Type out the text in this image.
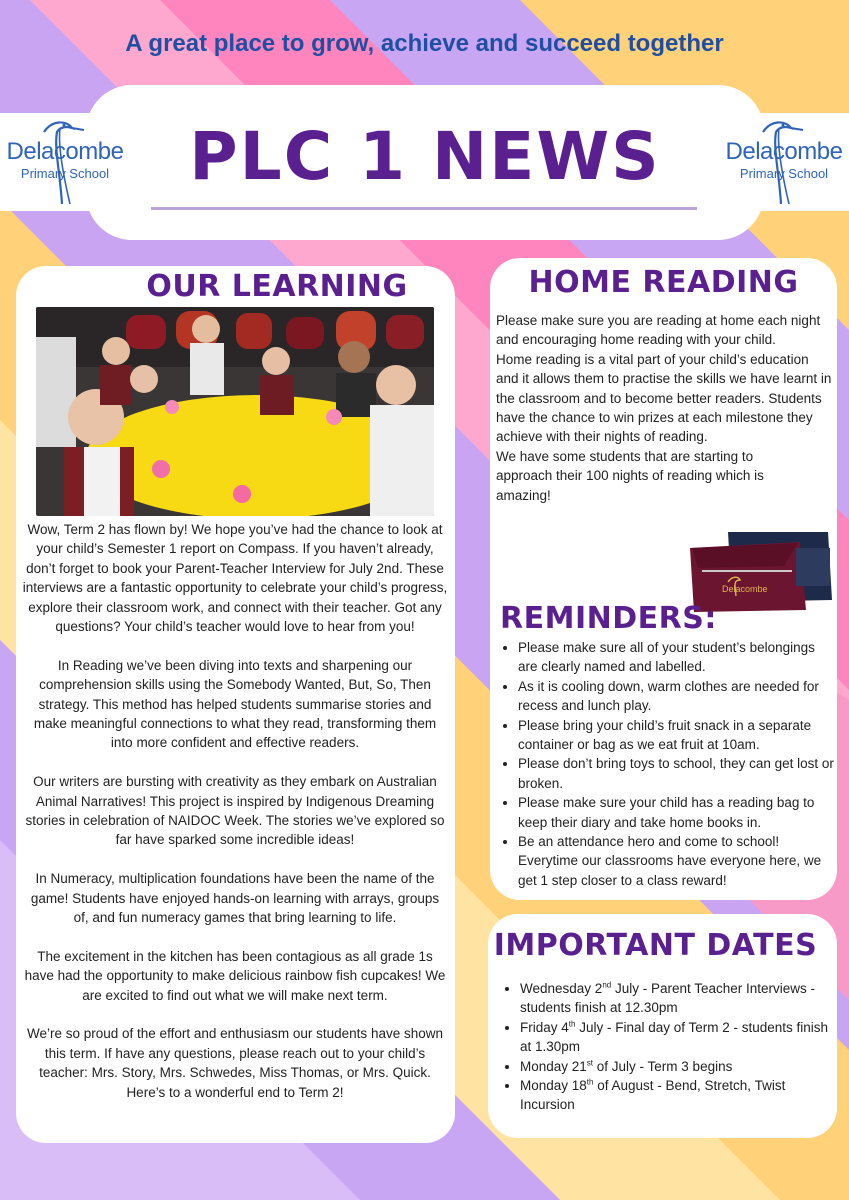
A great place to grow, achieve and succeed together
Delacombe
Primary School
Delacombe
Primary School
PLC 1 NEWS
OUR LEARNING

Wow, Term 2 has flown by! We hope you’ve had the chance to look at your child’s Semester 1 report on Compass. If you haven’t already, don’t forget to book your Parent-Teacher Interview for July 2nd. These interviews are a fantastic opportunity to celebrate your child’s progress, explore their classroom work, and connect with their teacher. Got any questions? Your child’s teacher would love to hear from you!

In Reading we’ve been diving into texts and sharpening our comprehension skills using the Somebody Wanted, But, So, Then strategy. This method has helped students summarise stories and make meaningful connections to what they read, transforming them into more confident and effective readers.

Our writers are bursting with creativity as they embark on Australian Animal Narratives! This project is inspired by Indigenous Dreaming stories in celebration of NAIDOC Week. The stories we’ve explored so far have sparked some incredible ideas!

In Numeracy, multiplication foundations have been the name of the game! Students have enjoyed hands-on learning with arrays, groups of, and fun numeracy games that bring learning to life.

The excitement in the kitchen has been contagious as all grade 1s have had the opportunity to make delicious rainbow fish cupcakes! We are excited to find out what we will make next term.

We’re so proud of the effort and enthusiasm our students have shown this term. If have any questions, please reach out to your child’s teacher: Mrs. Story, Mrs. Schwedes, Miss Thomas, or Mrs. Quick.

Here’s to a wonderful end to Term 2!

HOME READING
Please make sure you are reading at home each night and encouraging home reading with your child.
Home reading is a vital part of your child’s education and it allows them to practise the skills we have learnt in the classroom and to become better readers. Students have the chance to win prizes at each milestone they achieve with their nights of reading.
We have some students that are starting to approach their 100 nights of reading which is amazing!
Delacombe
REMINDERS:
• Please make sure all of your student’s belongings are clearly named and labelled.
• As it is cooling down, warm clothes are needed for recess and lunch play.
• Please bring your child’s fruit snack in a separate container or bag as we eat fruit at 10am.
• Please don’t bring toys to school, they can get lost or broken.
• Please make sure your child has a reading bag to keep their diary and take home books in.
• Be an attendance hero and come to school! Everytime our classrooms have everyone here, we get 1 step closer to a class reward!
IMPORTANT DATES
• Wednesday 2nd July - Parent Teacher Interviews - students finish at 12.30pm
• Friday 4th July - Final day of Term 2 - students finish at 1.30pm
• Monday 21st of July - Term 3 begins
• Monday 18th of August - Bend, Stretch, Twist Incursion
